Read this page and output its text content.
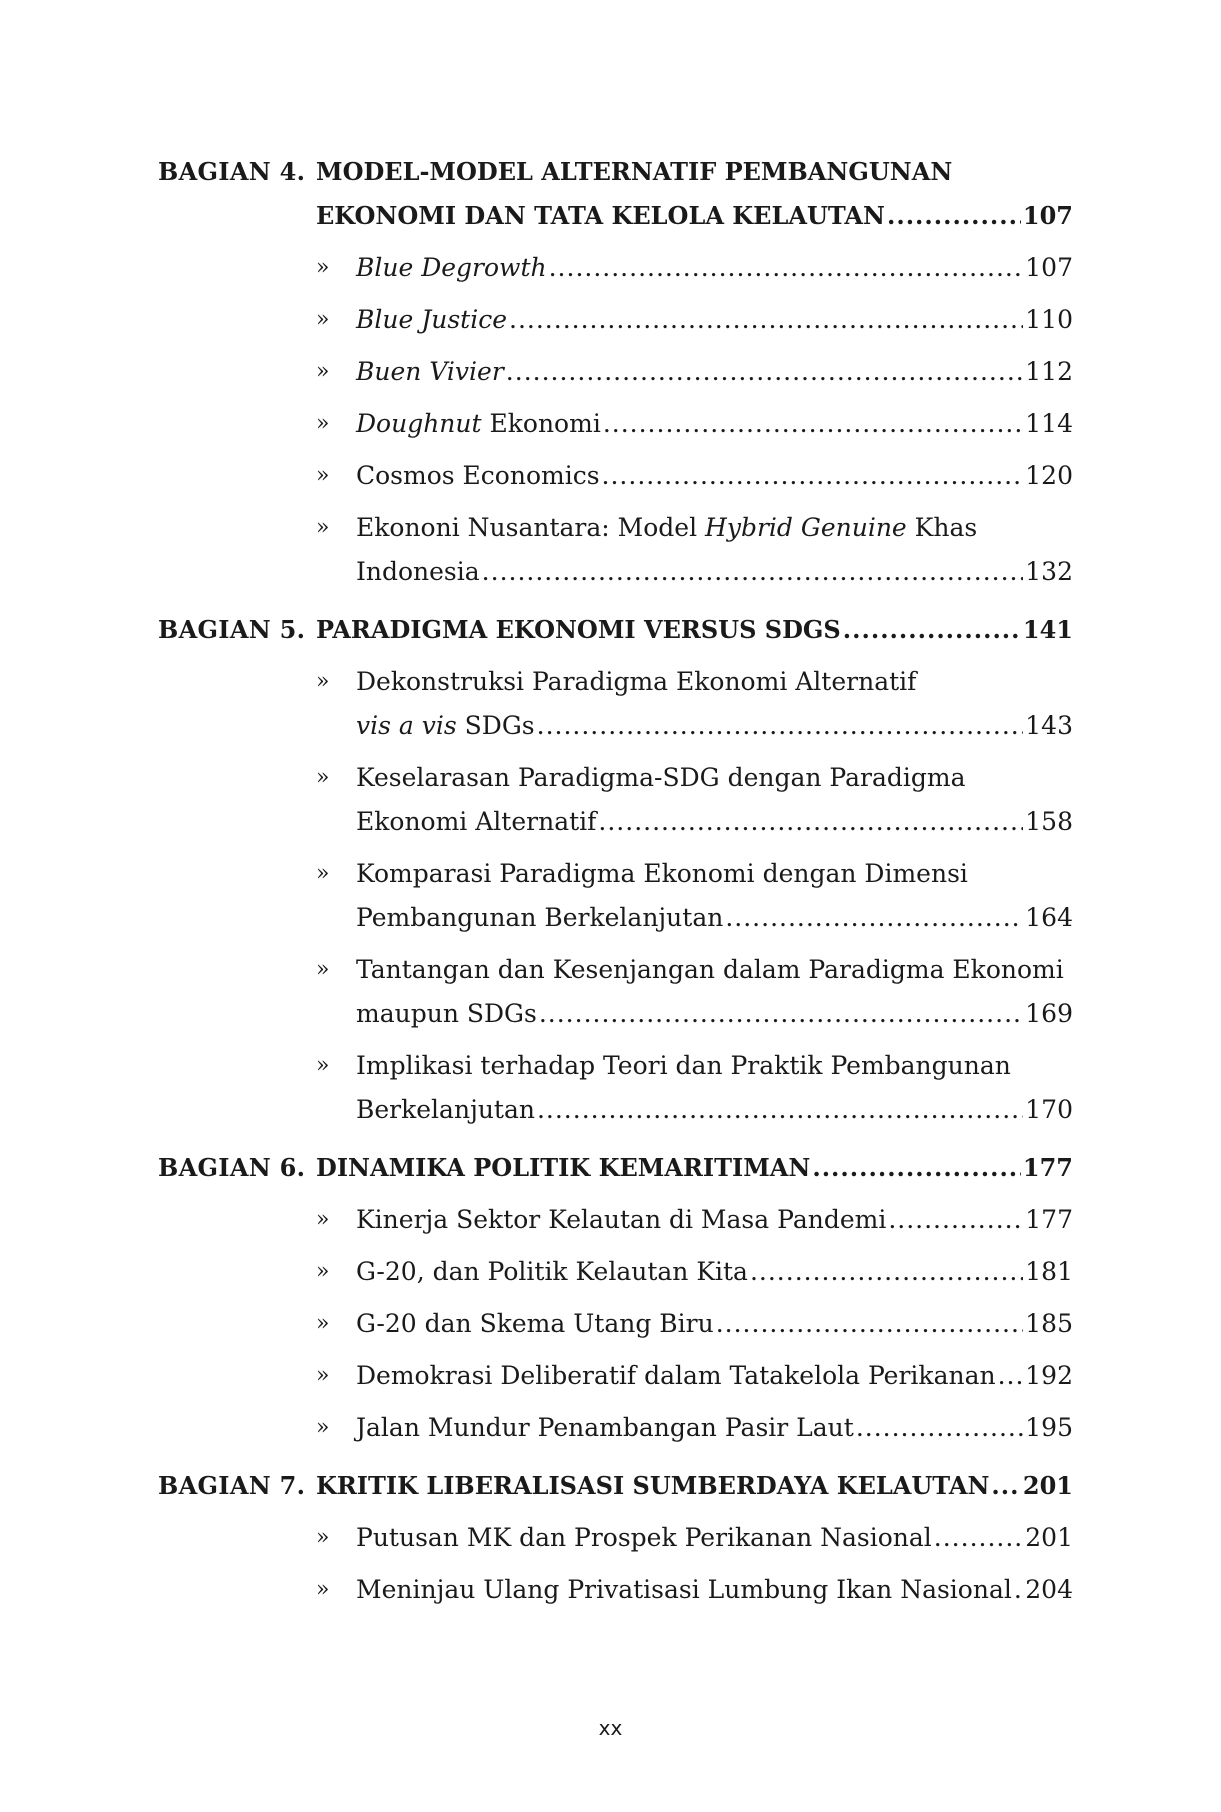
BAGIAN 4. MODEL-MODEL ALTERNATIF PEMBANGUNAN
EKONOMI DAN TATA KELOLA KELAUTAN .....	107
» Blue Degrowth .....	107
» Blue Justice .....	110
» Buen Vivier .....	112
» Doughnut Ekonomi .....	114
» Cosmos Economics .....	120
» Ekononi Nusantara: Model Hybrid Genuine Khas
Indonesia .....	132
BAGIAN 5. PARADIGMA EKONOMI VERSUS SDGS .....	141
» Dekonstruksi Paradigma Ekonomi Alternatif
vis a vis SDGs .....	143
» Keselarasan Paradigma-SDG dengan Paradigma
Ekonomi Alternatif .....	158
» Komparasi Paradigma Ekonomi dengan Dimensi
Pembangunan Berkelanjutan .....	164
» Tantangan dan Kesenjangan dalam Paradigma Ekonomi
maupun SDGs .....	169
» Implikasi terhadap Teori dan Praktik Pembangunan
Berkelanjutan .....	170
BAGIAN 6. DINAMIKA POLITIK KEMARITIMAN .....	177
» Kinerja Sektor Kelautan di Masa Pandemi .....	177
» G-20, dan Politik Kelautan Kita .....	181
» G-20 dan Skema Utang Biru .....	185
» Demokrasi Deliberatif dalam Tatakelola Perikanan ..... 192
» Jalan Mundur Penambangan Pasir Laut .....	195
BAGIAN 7. KRITIK LIBERALISASI SUMBERDAYA KELAUTAN ..... 201
» Putusan MK dan Prospek Perikanan Nasional .....	201
» Meninjau Ulang Privatisasi Lumbung Ikan Nasional ..... 204
xx
